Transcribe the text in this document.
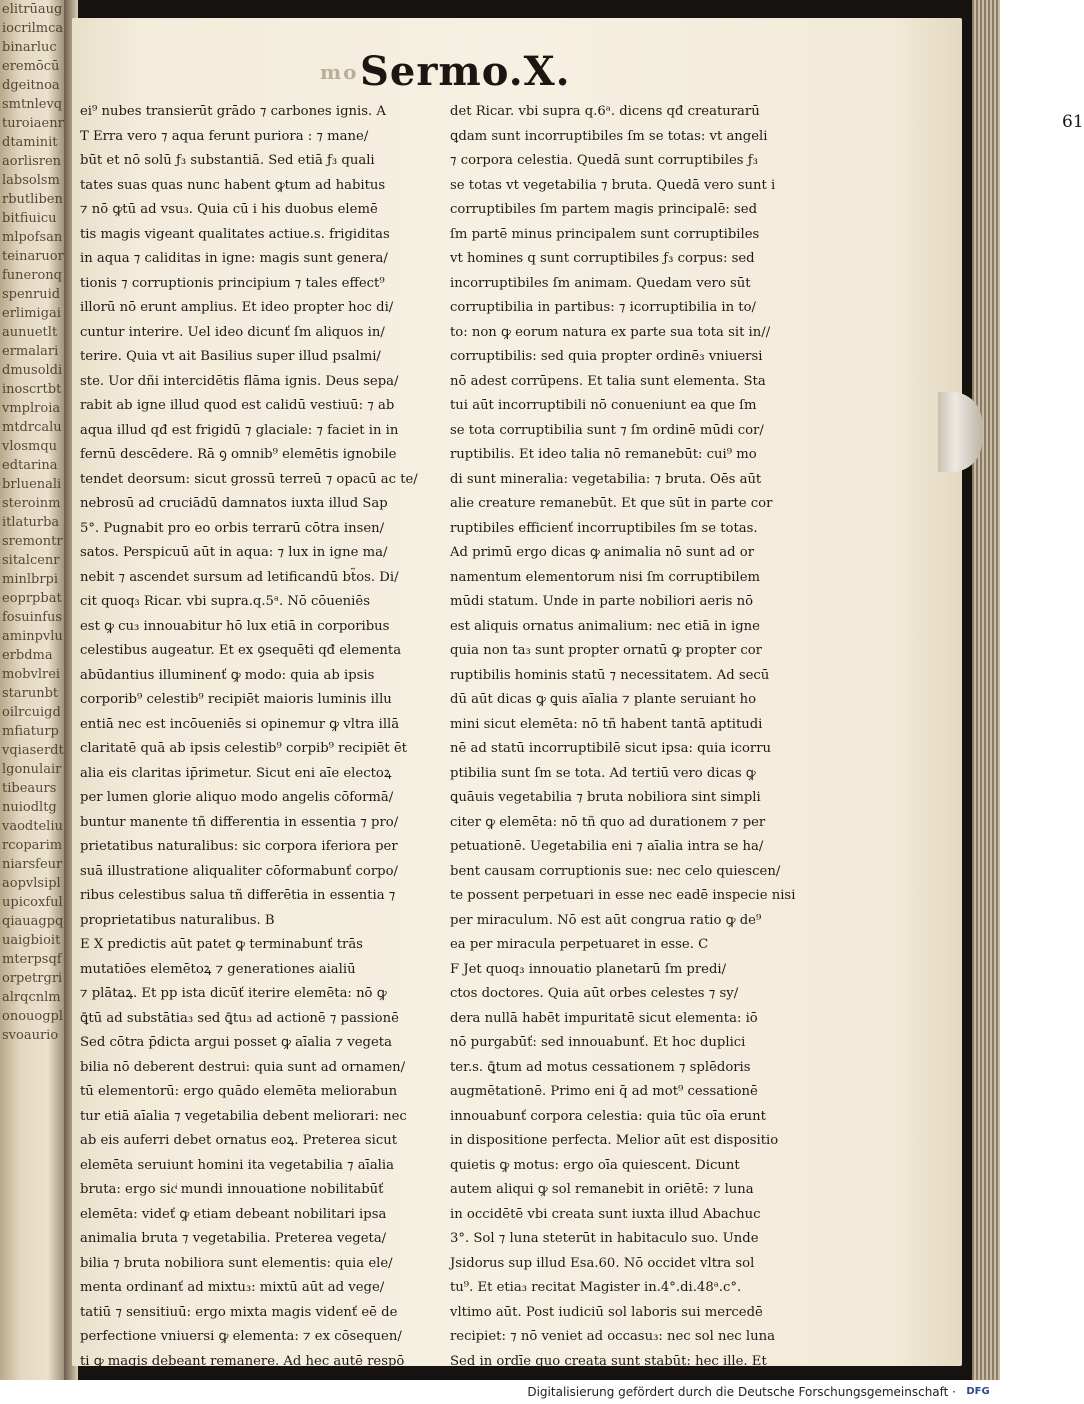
elitrūaugiocrilmcabinarluceremōcūdgeitnoasmtnlevqturoiaenrdtaminitaorlisrenlabsolsmrbutlibenbitfiuicumlpofsanteinaruorfuneronqspenruiderlimigaiaunuetltermalaridmusoldiinoscrtbtvmplroiamtdrcaluvlosmquedtarinabrluenalisteroinmitlaturbasremontrsitalcenrminlbrpieoprpbatfosuinfusaminpvluerbdmamobvlreistarunbtoilrcuigdmfiaturpvqiaserdtlgonulairtibeaursnuiodltgvaodteliurcoparimniarsfeuraopvlsiplupicoxfulqiauagpquaigbioitmterpsqforpetrgrialrqcnlmonouogplsvoaurio
mo Sermo.X.
61
ei⁹ nubes transierūt grādo ⁊ carbones ignis. A
T Erra vero ⁊ aqua ferunt puriora : ⁊ mane/
būt et nō solū ƒ₃ substantiā. Sed etiā ƒ₃ quali
tates suas quas nunc habent ꝙtum ad habitus
⁊ nō ꝙtū ad vsu₃. Quia cū i his duobus elemē
tis magis vigeant qualitates actiue.s. frigiditas
in aqua ⁊ caliditas in igne: magis sunt genera/
tionis ⁊ corruptionis principium ⁊ tales effect⁹
illorū nō erunt amplius. Et ideo propter hoc di/
cuntur interire. Uel ideo dicunť ſm aliquos in/
terire. Quia vt ait Basilius super illud psalmi/
ste. Uor dñi intercidētis flāma ignis. Deus sepa/
rabit ab igne illud quod est calidū vestiuū: ⁊ ab
aqua illud qđ est frigidū ⁊ glaciale: ⁊ faciet in in
fernū descēdere. Rā ꝯ omnib⁹ elemētis ignobile
tendet deorsum: sicut grossū terreū ⁊ opacū ac te/
nebrosū ad cruciādū damnatos iuxta illud Sap
5°. Pugnabit pro eo orbis terrarū cōtra insen/
satos. Perspicuū aūt in aqua: ⁊ lux in igne ma/
nebit ⁊ ascendet sursum ad letificandū bt̃os. Di/
cit quoq₃ Ricar. vbi supra.q.5ᵃ. Nō cōueniēs
est ꝙ cu₃ innouabitur hō lux etiā in corporibus
celestibus augeatur. Et ex ꝯsequēti qđ elementa
abūdantius illuminenť ꝙ modo: quia ab ipsis
corporib⁹ celestib⁹ recipiēt maioris luminis illu
entiā nec est incōueniēs si opinemur ꝙ vltra illā
claritatē quā ab ipsis celestib⁹ corpib⁹ recipiēt ēt
alia eis claritas ip̄rimetur. Sicut eni aīe electoꝝ
per lumen glorie aliquo modo angelis cōformā/
buntur manente tñ differentia in essentia ⁊ pro/
prietatibus naturalibus: sic corpora iferiora per
suā illustratione aliqualiter cōformabunť corpo/
ribus celestibus salua tñ differētia in essentia ⁊
proprietatibus naturalibus. B
E X predictis aūt patet ꝙ terminabunť trās
mutatiōes elemētoꝝ ⁊ generationes aialiū
⁊ plātaꝝ. Et pp ista dicūť iterire elemēta: nō ꝙ
ꝗ̄tū ad substātia₃ sed ꝗ̄tu₃ ad actionē ⁊ passionē
Sed cōtra p̄dicta argui posset ꝙ aīalia ⁊ vegeta
bilia nō deberent destrui: quia sunt ad ornamen/
tū elementorū: ergo quādo elemēta meliorabun
tur etiā aīalia ⁊ vegetabilia debent meliorari: nec
ab eis auferri debet ornatus eoꝝ. Preterea sicut
elemēta seruiunt homini ita vegetabilia ⁊ aīalia
bruta: ergo sicͥ mundi innouatione nobilitabūť
elemēta: videť ꝙ etiam debeant nobilitari ipsa
animalia bruta ⁊ vegetabilia. Preterea vegeta/
bilia ⁊ bruta nobiliora sunt elementis: quia ele/
menta ordinanť ad mixtu₃: mixtū aūt ad vege/
tatiū ⁊ sensitiuū: ergo mixta magis videnť eē de
perfectione vniuersi ꝙ elementa: ⁊ ex cōsequen/
ti ꝙ magis debeant remanere. Ad hec autē respō
det Ricar. vbi supra q.6ᵃ. dicens qđ creaturarū
ꝗdam sunt incorruptibiles ſm se totas: vt angeli
⁊ corpora celestia. Quedā sunt corruptibiles ƒ₃
se totas vt vegetabilia ⁊ bruta. Quedā vero sunt i
corruptibiles ſm partem magis principalē: sed
ſm partē minus principalem sunt corruptibiles
vt homines q sunt corruptibiles ƒ₃ corpus: sed
incorruptibiles ſm animam. Quedam vero sūt
corruptibilia in partibus: ⁊ icorruptibilia in to/
to: non ꝙ eorum natura ex parte sua tota sit in//
corruptibilis: sed quia propter ordinē₃ vniuersi
nō adest corrūpens. Et talia sunt elementa. Sta
tui aūt incorruptibili nō conueniunt ea que ſm
se tota corruptibilia sunt ⁊ ſm ordinē mūdi cor/
ruptibilis. Et ideo talia nō remanebūt: cui⁹ mo
di sunt mineralia: vegetabilia: ⁊ bruta. Oēs aūt
alie creature remanebūt. Et que sūt in parte cor
ruptibiles efficienť incorruptibiles ſm se totas.
Ad primū ergo dicas ꝙ animalia nō sunt ad or
namentum elementorum nisi ſm corruptibilem
mūdi statum. Unde in parte nobiliori aeris nō
est aliquis ornatus animalium: nec etiā in igne
quia non ta₃ sunt propter ornatū ꝙ propter cor
ruptibilis hominis statū ⁊ necessitatem. Ad secū
dū aūt dicas ꝙ ꝗuis aīalia ⁊ plante seruiant ho
mini sicut elemēta: nō tñ habent tantā aptitudi
nē ad statū incorruptibilē sicut ipsa: quia icorru
ptibilia sunt ſm se tota. Ad tertiū vero dicas ꝙ
ꝗuāuis vegetabilia ⁊ bruta nobiliora sint simpli
citer ꝙ elemēta: nō tñ quo ad durationem ⁊ per
petuationē. Uegetabilia eni ⁊ aīalia intra se ha/
bent causam corruptionis sue: nec celo quiescen/
te possent perpetuari in esse nec eadē inspecie nisi
per miraculum. Nō est aūt congrua ratio ꝙ de⁹
ea per miracula perpetuaret in esse. C
F Jet quoq₃ innouatio planetarū ſm predi/
ctos doctores. Quia aūt orbes celestes ⁊ sy/
dera nullā habēt impuritatē sicut elementa: iō
nō purgabūť: sed innouabunť. Et hoc duplici
ter.s. ꝗ̄tum ad motus cessationem ⁊ splēdoris
augmētationē. Primo eni q̄ ad mot⁹ cessationē
innouabunť corpora celestia: quia tūc oīa erunt
in dispositione perfecta. Melior aūt est dispositio
quietis ꝙ motus: ergo oīa quiescent. Dicunt
autem aliqui ꝙ sol remanebit in oriētē: ⁊ luna
in occidētē vbi creata sunt iuxta illud Abachuc
3°. Sol ⁊ luna steterūt in habitaculo suo. Unde
Jsidorus sup illud Esa.60. Nō occidet vltra sol
tu⁹. Et etia₃ recitat Magister in.4°.di.48ᵃ.c°.
vltimo aūt. Post iudiciū sol laboris sui mercedē
recipiet: ⁊ nō veniet ad occasu₃: nec sol nec luna
Sed in ordīe quo creata sunt stabūt: hec ille. Et
Digitalisierung gefördert durch die Deutsche Forschungsgemeinschaft ·	DFG
